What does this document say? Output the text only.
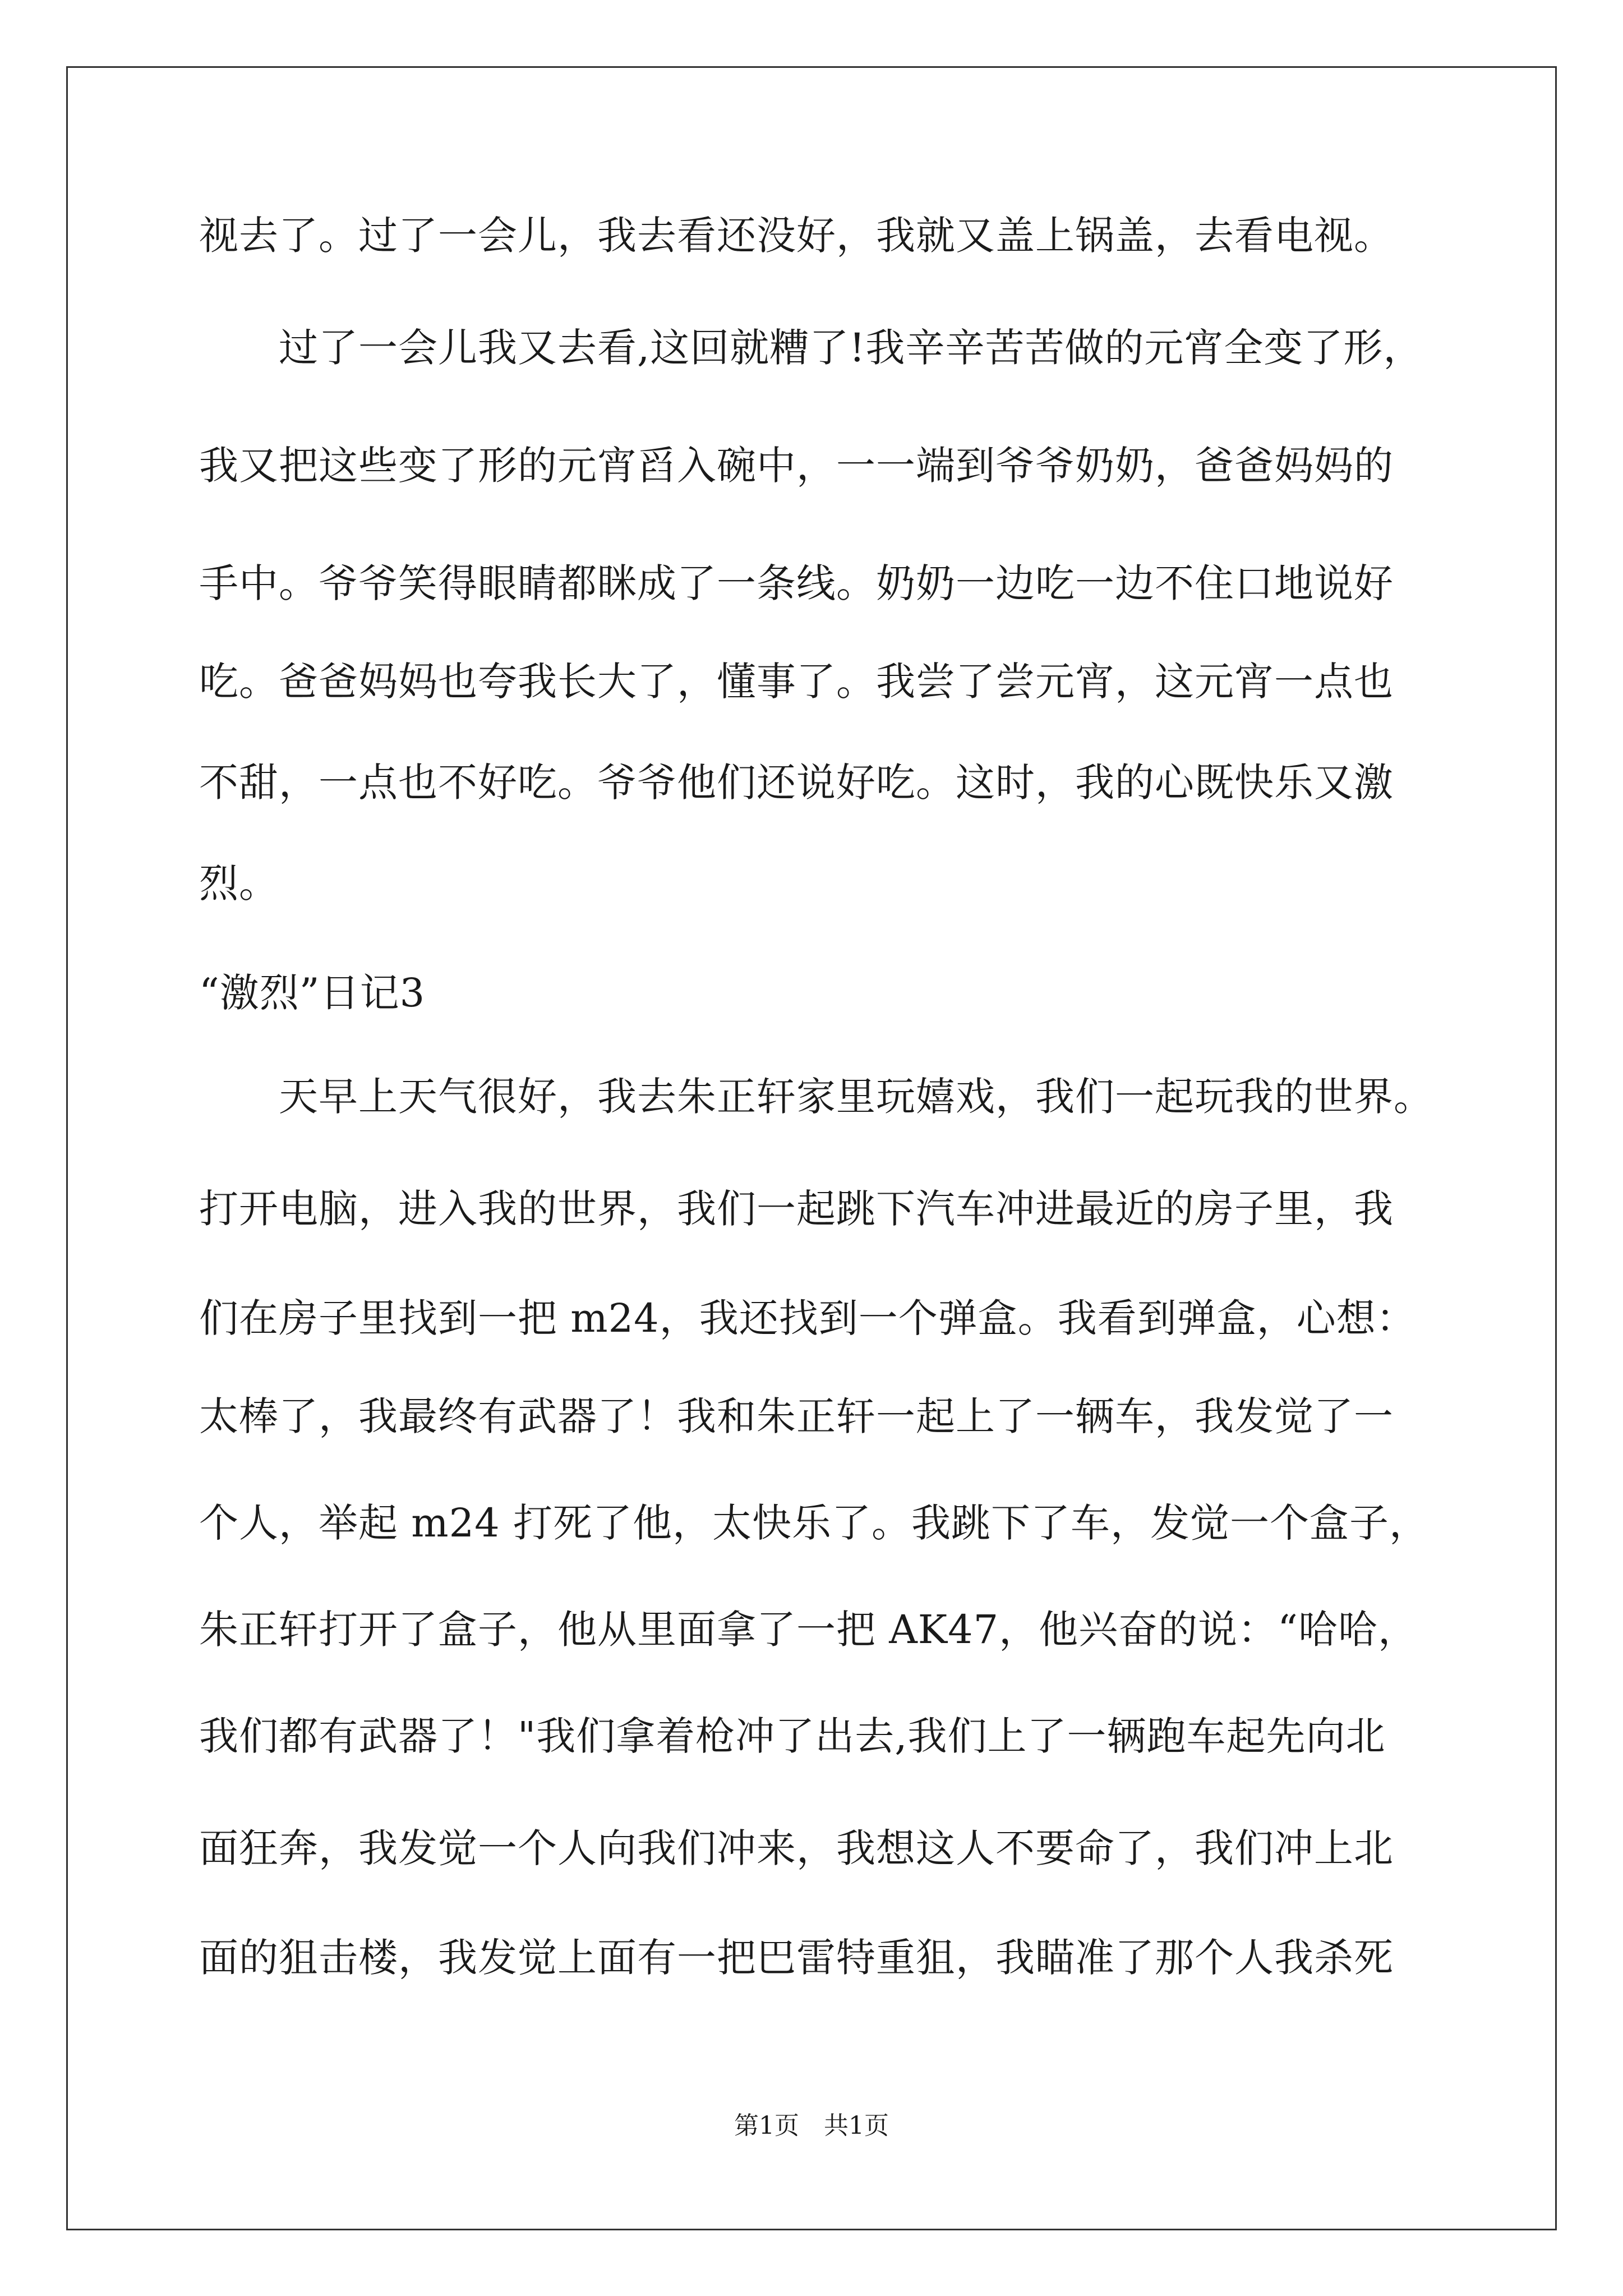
视去了。过了一会儿，我去看还没好，我就又盖上锅盖，去看电视。
　　过了一会儿我又去看,这回就糟了!我辛辛苦苦做的元宵全变了形，
我又把这些变了形的元宵舀入碗中，一一端到爷爷奶奶，爸爸妈妈的
手中。爷爷笑得眼睛都眯成了一条线。奶奶一边吃一边不住口地说好
吃。爸爸妈妈也夸我长大了，懂事了。我尝了尝元宵，这元宵一点也
不甜，一点也不好吃。爷爷他们还说好吃。这时，我的心既快乐又激
烈。
“激烈”日记3
　　天早上天气很好，我去朱正轩家里玩嬉戏，我们一起玩我的世界。
打开电脑，进入我的世界，我们一起跳下汽车冲进最近的房子里，我
们在房子里找到一把 m24，我还找到一个弹盒。我看到弹盒，心想：
太棒了，我最终有武器了！我和朱正轩一起上了一辆车，我发觉了一
个人，举起 m24 打死了他，太快乐了。我跳下了车，发觉一个盒子，
朱正轩打开了盒子，他从里面拿了一把 AK47，他兴奋的说：“哈哈，
我们都有武器了！"我们拿着枪冲了出去,我们上了一辆跑车起先向北
面狂奔，我发觉一个人向我们冲来，我想这人不要命了，我们冲上北
面的狙击楼，我发觉上面有一把巴雷特重狙，我瞄准了那个人我杀死
第1页　共1页
